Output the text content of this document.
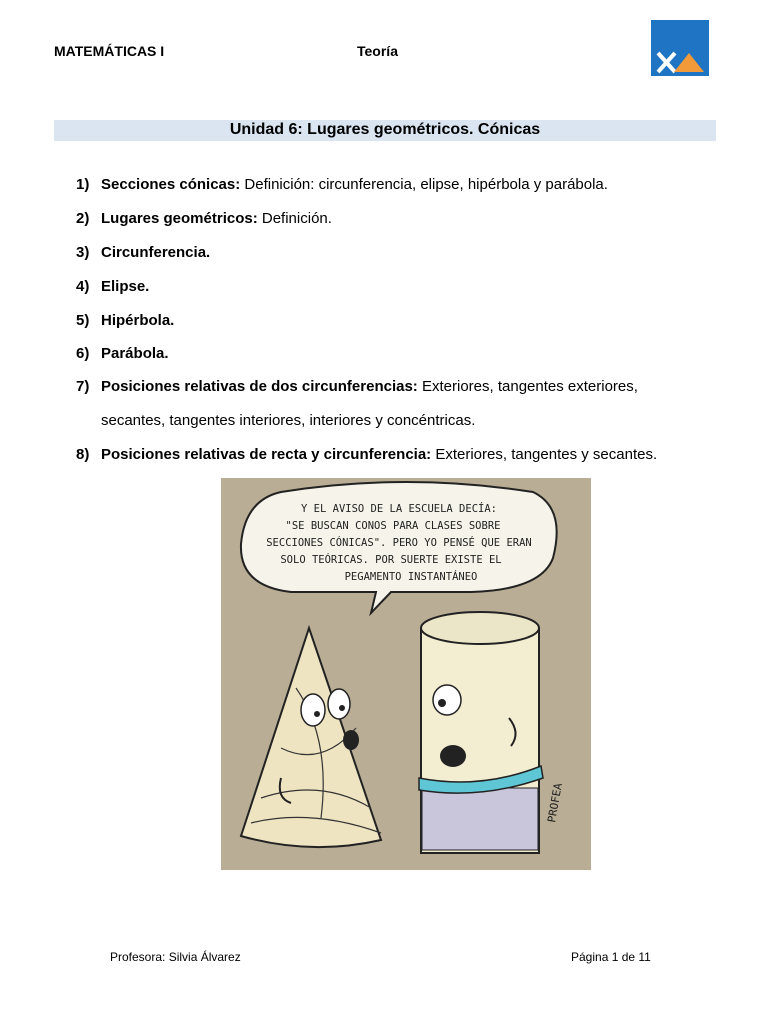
MATEMÁTICAS I	Teoría
Unidad 6: Lugares geométricos. Cónicas
1) Secciones cónicas: Definición: circunferencia, elipse, hipérbola y parábola.
2) Lugares geométricos: Definición.
3) Circunferencia.
4) Elipse.
5) Hipérbola.
6) Parábola.
7) Posiciones relativas de dos circunferencias: Exteriores, tangentes exteriores,
secantes, tangentes interiores, interiores y concéntricas.
8) Posiciones relativas de recta y circunferencia: Exteriores, tangentes y secantes.
Y EL AVISO DE LA ESCUELA DECÍA:
"SE BUSCAN CONOS PARA CLASES SOBRE
SECCIONES CÓNICAS". PERO YO PENSÉ QUE ERAN
SOLO TEÓRICAS. POR SUERTE EXISTE EL
PEGAMENTO INSTANTÁNEO
PROFEA
Profesora: Silvia Álvarez	Página 1 de 11
